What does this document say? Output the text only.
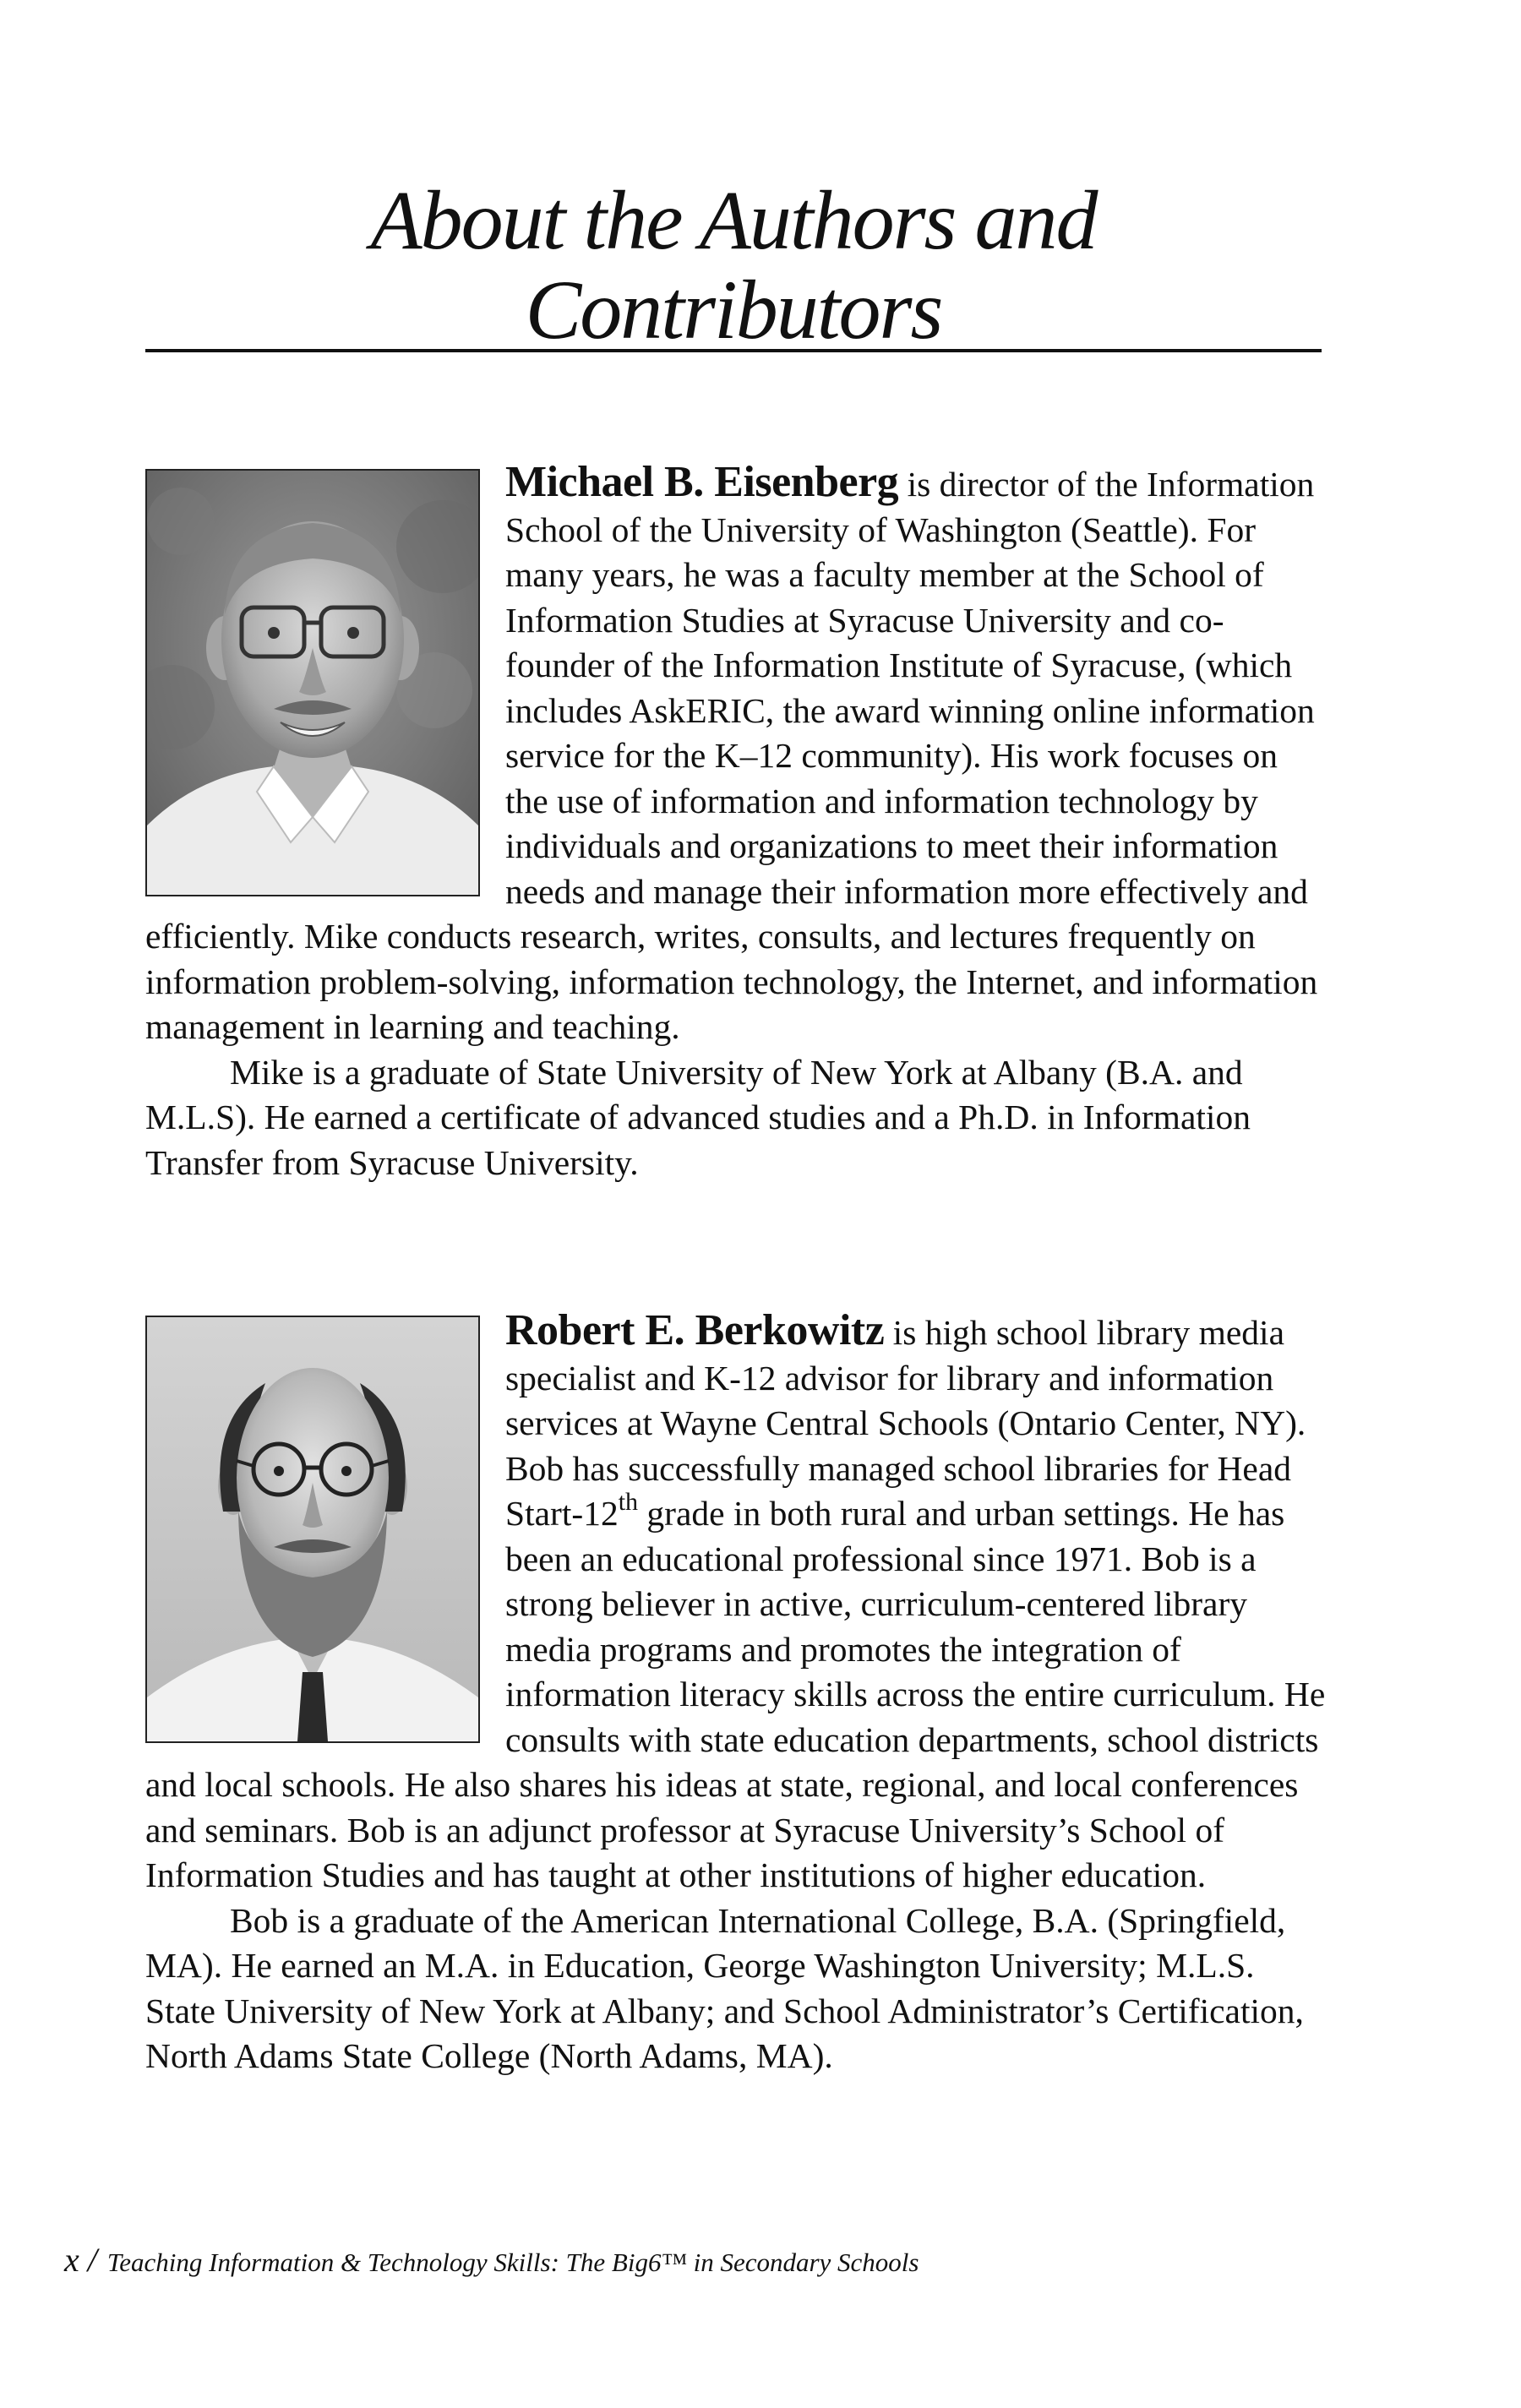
About the Authors and
Contributors

Michael B. Eisenberg is director of the Information School of the University of Washington (Seattle). For many years, he was a faculty member at the School of Information Studies at Syracuse University and co-founder of the Information Institute of Syracuse, (which includes AskERIC, the award winning online information service for the K–12 community). His work focuses on the use of information and information technology by individuals and organizations to meet their information needs and manage their information more effectively and efficiently. Mike conducts research, writes, consults, and lectures frequently on information problem-solving, information technology, the Internet, and information management in learning and teaching.

Mike is a graduate of State University of New York at Albany (B.A. and M.L.S). He earned a certificate of advanced studies and a Ph.D. in Information Transfer from Syracuse University.

Robert E. Berkowitz is high school library media specialist and K-12 advisor for library and information services at Wayne Central Schools (Ontario Center, NY). Bob has successfully managed school libraries for Head Start-12th grade in both rural and urban settings. He has been an educational professional since 1971. Bob is a strong believer in active, curriculum-centered library media programs and promotes the integration of information literacy skills across the entire curriculum. He consults with state education departments, school districts and local schools. He also shares his ideas at state, regional, and local conferences and seminars. Bob is an adjunct professor at Syracuse University’s School of Information Studies and has taught at other institutions of higher education.

Bob is a graduate of the American International College, B.A. (Springfield, MA). He earned an M.A. in Education, George Washington University; M.L.S. State University of New York at Albany; and School Administrator’s Certification, North Adams State College (North Adams, MA).

x / Teaching Information & Technology Skills: The Big6™ in Secondary Schools
